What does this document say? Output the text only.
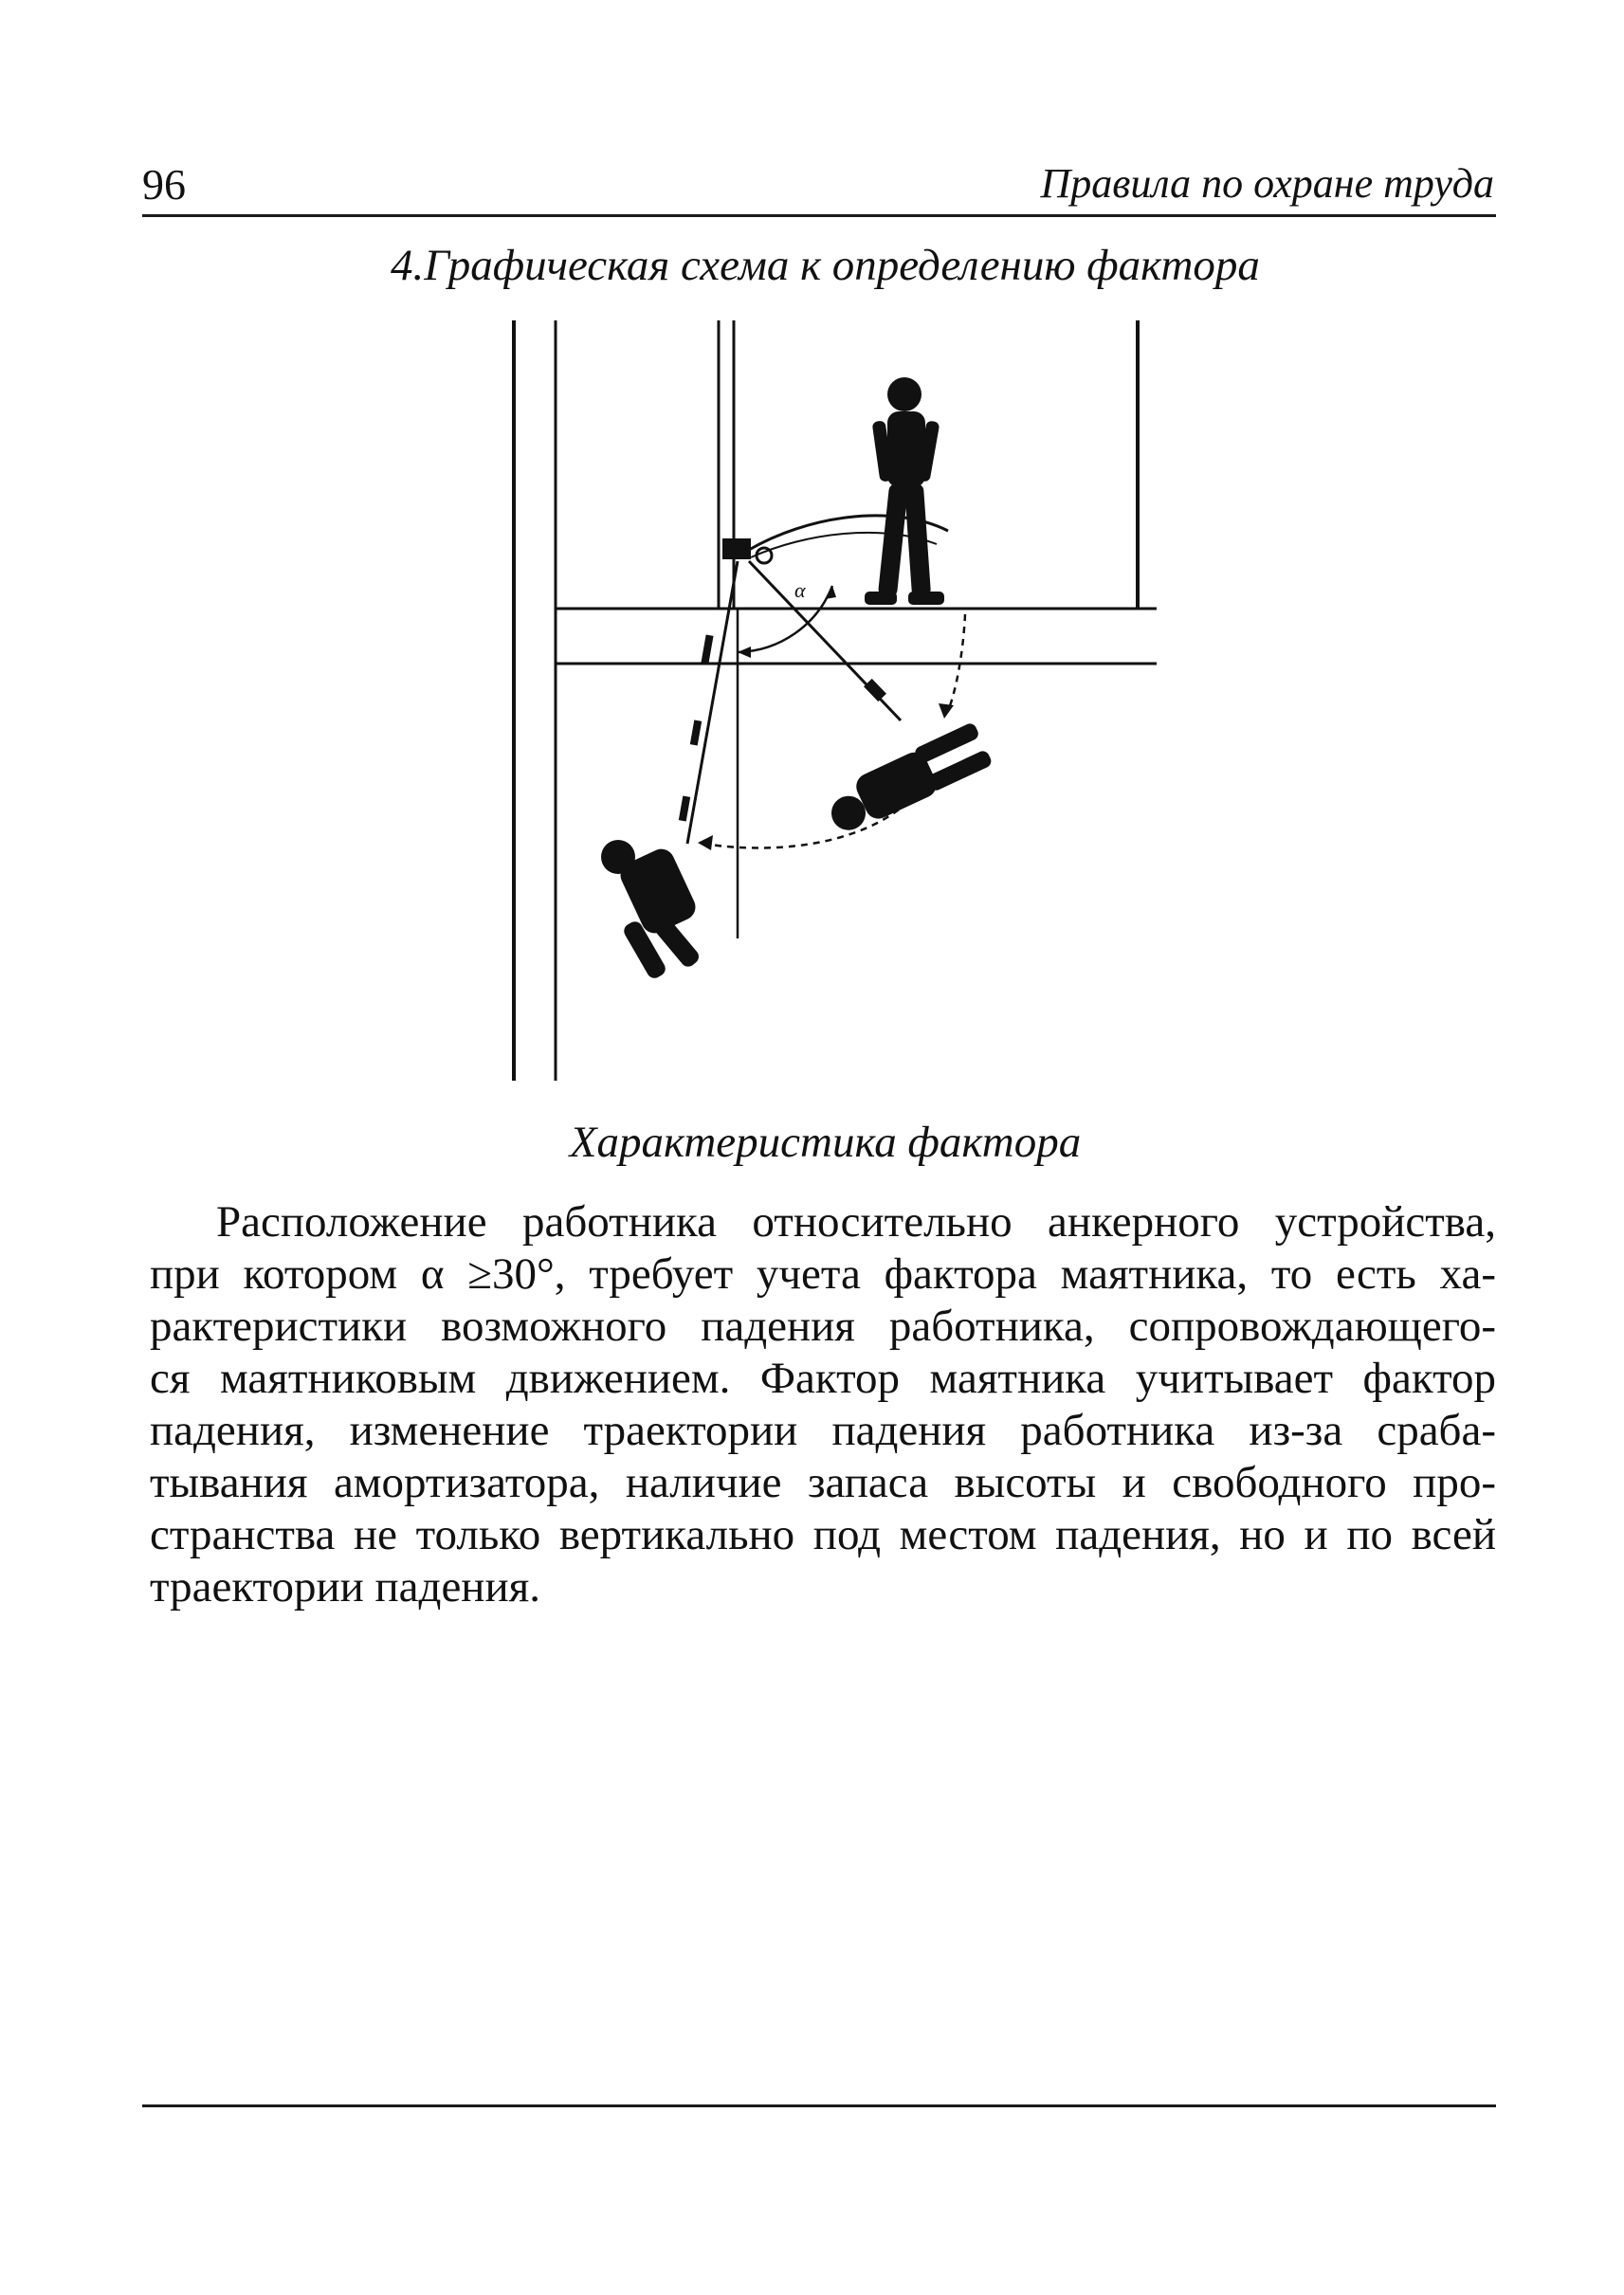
96	Правила по охране труда
4.Графическая схема к определению фактора
α
Характеристика фактора
Расположение работника относительно анкерного устройства,
при котором α ≥30°, требует учета фактора маятника, то есть ха-
рактеристики возможного падения работника, сопровождающего-
ся маятниковым движением. Фактор маятника учитывает фактор
падения, изменение траектории падения работника из-за сраба-
тывания амортизатора, наличие запаса высоты и свободного про-
странства не только вертикально под местом падения, но и по всей
траектории падения.
